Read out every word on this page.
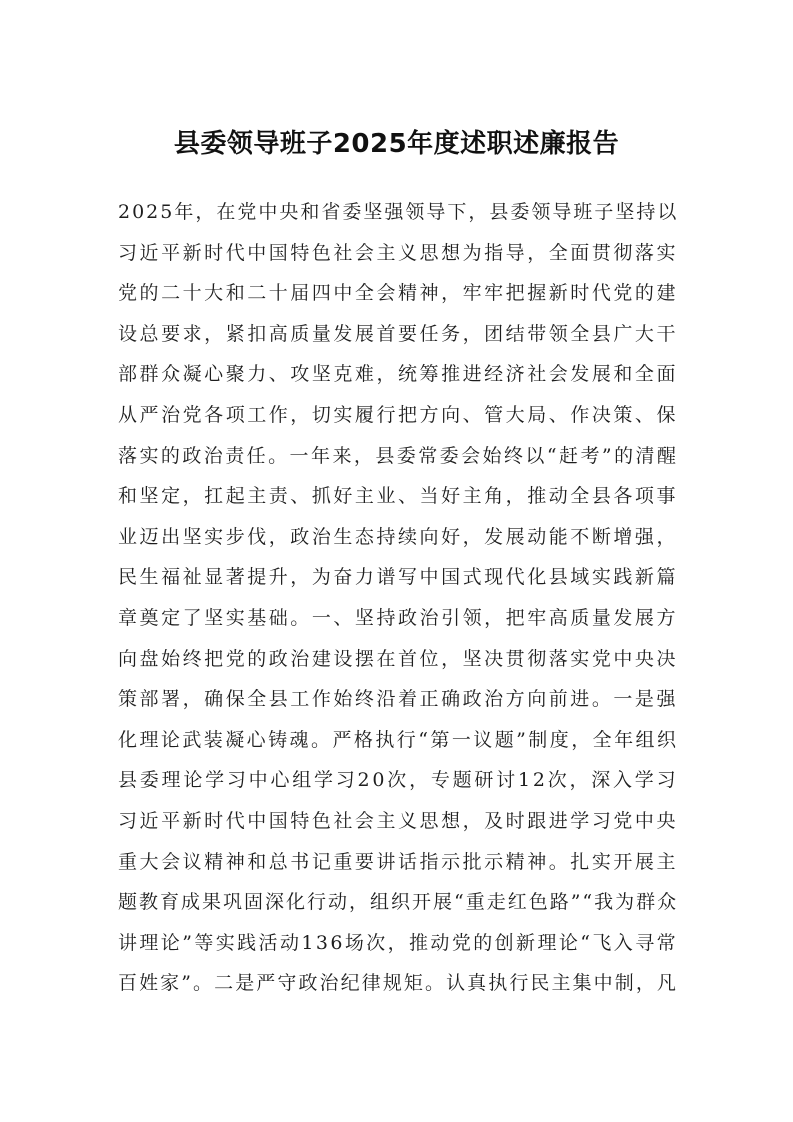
县委领导班子2025年度述职述廉报告
2025年，在党中央和省委坚强领导下，县委领导班子坚持以
习近平新时代中国特色社会主义思想为指导，全面贯彻落实
党的二十大和二十届四中全会精神，牢牢把握新时代党的建
设总要求，紧扣高质量发展首要任务，团结带领全县广大干
部群众凝心聚力、攻坚克难，统筹推进经济社会发展和全面
从严治党各项工作，切实履行把方向、管大局、作决策、保
落实的政治责任。一年来，县委常委会始终以“赶考”的清醒
和坚定，扛起主责、抓好主业、当好主角，推动全县各项事
业迈出坚实步伐，政治生态持续向好，发展动能不断增强，
民生福祉显著提升，为奋力谱写中国式现代化县域实践新篇
章奠定了坚实基础。一、坚持政治引领，把牢高质量发展方
向盘始终把党的政治建设摆在首位，坚决贯彻落实党中央决
策部署，确保全县工作始终沿着正确政治方向前进。一是强
化理论武装凝心铸魂。严格执行“第一议题”制度，全年组织
县委理论学习中心组学习20次，专题研讨12次，深入学习
习近平新时代中国特色社会主义思想，及时跟进学习党中央
重大会议精神和总书记重要讲话指示批示精神。扎实开展主
题教育成果巩固深化行动，组织开展“重走红色路”“我为群众
讲理论”等实践活动136场次，推动党的创新理论“飞入寻常
百姓家”。二是严守政治纪律规矩。认真执行民主集中制，凡
